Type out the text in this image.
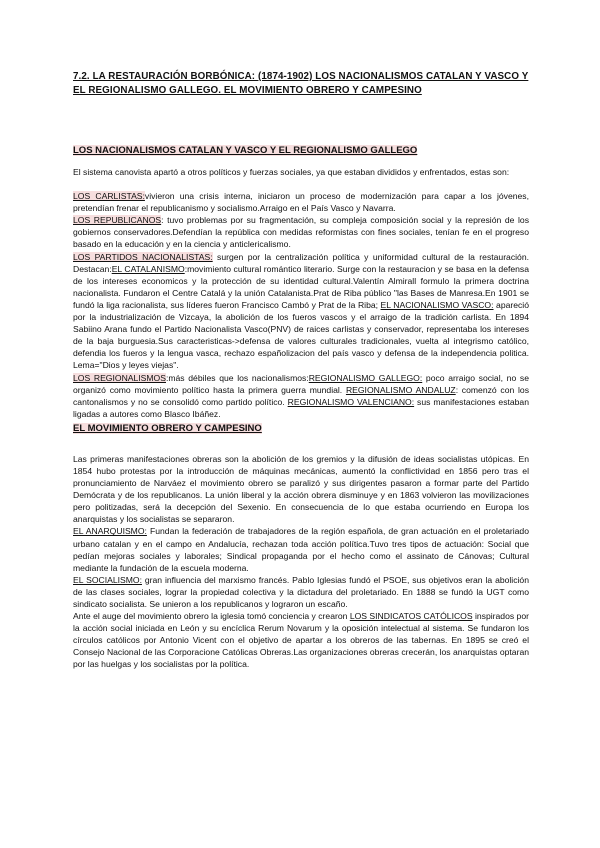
7.2. LA RESTAURACIÓN BORBÓNICA: (1874-1902) LOS NACIONALISMOS CATALAN Y VASCO Y EL REGIONALISMO GALLEGO. EL MOVIMIENTO OBRERO Y CAMPESINO
LOS NACIONALISMOS CATALAN Y VASCO Y EL REGIONALISMO GALLEGO

El sistema canovista apartó a otros políticos y fuerzas sociales, ya que estaban divididos y enfrentados, estas son:

LOS CARLISTAS:vivieron una crisis interna, iniciaron un proceso de modernización para capar a los jóvenes, pretendían frenar el republicanismo y socialismo.Arraigo en el País Vasco y Navarra.

LOS REPUBLICANOS: tuvo problemas por su fragmentación, su compleja composición social y la represión de los gobiernos conservadores.Defendían la república con medidas reformistas con fines sociales, tenían fe en el progreso basado en la educación y en la ciencia y anticlericalismo.

LOS PARTIDOS NACIONALISTAS: surgen por la centralización política y uniformidad cultural de la restauración. Destacan:EL CATALANISMO:movimiento cultural romántico literario. Surge con la restauracion y se basa en la defensa de los intereses economicos y la protección de su identidad cultural.Valentín Almirall formulo la primera doctrina nacionalista. Fundaron el Centre Catalá y la unión Catalanista.Prat de Riba público "las Bases de Manresa.En 1901 se fundó la liga racionalista, sus líderes fueron Francisco Cambó y Prat de la Riba; EL NACIONALISMO VASCO: apareció por la industrialización de Vizcaya, la abolición de los fueros vascos y el arraigo de la tradición carlista. En 1894 Sabiino Arana fundo el Partido Nacionalista Vasco(PNV) de raices carlistas y conservador, representaba los intereses de la baja burguesia.Sus caracteristicas->defensa de valores culturales tradicionales, vuelta al integrismo católico, defendia los fueros y la lengua vasca, rechazo españolizacion del país vasco y defensa de la independencia politica. Lema="Dios y leyes viejas".

LOS REGIONALISMOS:más débiles que los nacionalismos:REGIONALISMO GALLEGO: poco arraigo social, no se organizó como movimiento político hasta la primera guerra mundial. REGIONALISMO ANDALUZ: comenzó con los cantonalismos y no se consolidó como partido político. REGIONALISMO VALENCIANO: sus manifestaciones estaban ligadas a autores como Blasco Ibáñez.

EL MOVIMIENTO OBRERO Y CAMPESINO

Las primeras manifestaciones obreras son la abolición de los gremios y la difusión de ideas socialistas utópicas. En 1854 hubo protestas por la introducción de máquinas mecánicas, aumentó la conflictividad en 1856 pero tras el pronunciamiento de Narváez el movimiento obrero se paralizó y sus dirigentes pasaron a formar parte del Partido Demócrata y de los republicanos. La unión liberal y la acción obrera disminuye y en 1863 volvieron las movilizaciones pero politizadas, será la decepción del Sexenio. En consecuencia de lo que estaba ocurriendo en Europa los anarquistas y los socialistas se separaron.

EL ANARQUISMO: Fundan la federación de trabajadores de la región española, de gran actuación en el proletariado urbano catalan y en el campo en Andalucía, rechazan toda acción política.Tuvo tres tipos de actuación: Social que pedían mejoras sociales y laborales; Sindical propaganda por el hecho como el assinato de Cánovas; Cultural mediante la fundación de la escuela moderna.

EL SOCIALISMO: gran influencia del marxismo francés. Pablo Iglesias fundó el PSOE, sus objetivos eran la abolición de las clases sociales, lograr la propiedad colectiva y la dictadura del proletariado. En 1888 se fundó la UGT como sindicato socialista. Se unieron a los republicanos y lograron un escaño.

Ante el auge del movimiento obrero la iglesia tomó conciencia y crearon LOS SINDICATOS CATÓLICOS inspirados por la acción social iniciada en León y su encíclica Rerum Novarum y la oposición intelectual al sistema. Se fundaron los círculos católicos por Antonio Vicent con el objetivo de apartar a los obreros de las tabernas. En 1895 se creó el Consejo Nacional de las Corporacione Católicas Obreras.Las organizaciones obreras crecerán, los anarquistas optaran por las huelgas y los socialistas por la política.
